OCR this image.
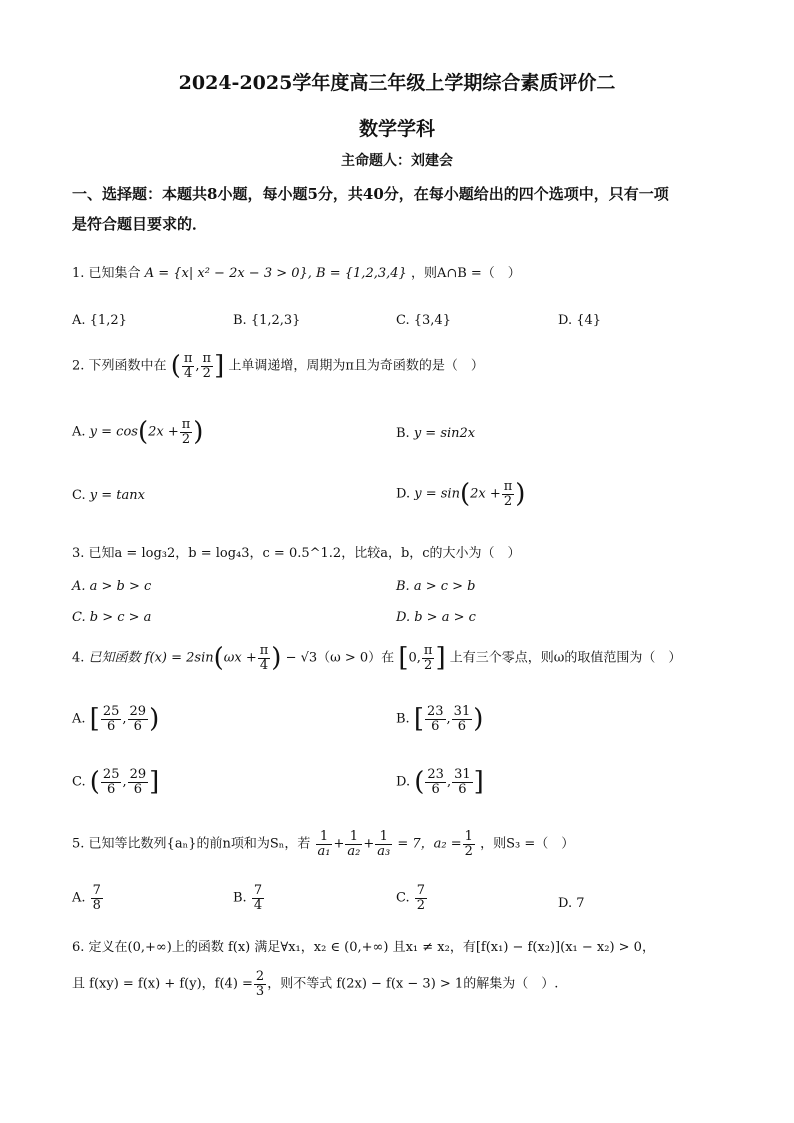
2024-2025学年度高三年级上学期综合素质评价二
数学学科
主命题人：刘建会
一、选择题：本题共8小题，每小题5分，共40分，在每小题给出的四个选项中，只有一项
是符合题目要求的．
1. 已知集合 A = {x| x² − 2x − 3 > 0}, B = {1,2,3,4} ，则A∩B =（　）
A. {1,2}	B. {1,2,3}	C. {3,4}	D. {4}
2. 下列函数中在 ( $\frac{\pi}{4}$ , $\frac{\pi}{2}$ ] 上单调递增，周期为π且为奇函数的是（　）
A. $y = \cos(2x + \frac{\pi}{2}$ )	B. y = sin2x
C. y = tanx	D. $y = \sin(2x + \frac{\pi}{2}$ )
3. 已知a = log₃2，b = log₄3，c = 0.5^1.2，比较a，b，c的大小为（　）
A. a > b > c	B. a > c > b
C. b > c > a	D. b > a > c
4. 已知函数 $f(x) = 2\sin(\omega x + \frac{\pi}{4}$ ) − √3（ω > 0）在 [0, $\frac{\pi}{2}$ ] 上有三个零点，则ω的取值范围为（　）
A. [ $\frac{25}{6}$ , $\frac{29}{6}$ )	B. [ $\frac{23}{6}$ , $\frac{31}{6}$ )
C. ( $\frac{25}{6}$ , $\frac{29}{6}$ ]	D. ( $\frac{23}{6}$ , $\frac{31}{6}$ ]
5. 已知等比数列{aₙ}的前n项和为Sₙ，若 $\frac{1}{\text{a₁}} + \frac{1}{\text{a₂}} + \frac{1}{\text{a₃}} = 7$，$a_2 = \frac{1}{2}$ ，则S₃ =（　）
A. $\frac{7}{8}$	B. $\frac{7}{4}$	C. $\frac{7}{2}$	D. 7
6. 定义在(0,+∞)上的函数 f(x) 满足∀x₁，x₂ ∈ (0,+∞) 且x₁ ≠ x₂，有[f(x₁) − f(x₂)](x₁ − x₂) > 0，
且 f(xy) = f(x) + f(y)，$f(4) = \frac{2}{3}$ ，则不等式 f(2x) − f(x − 3) > 1的解集为（　）.
